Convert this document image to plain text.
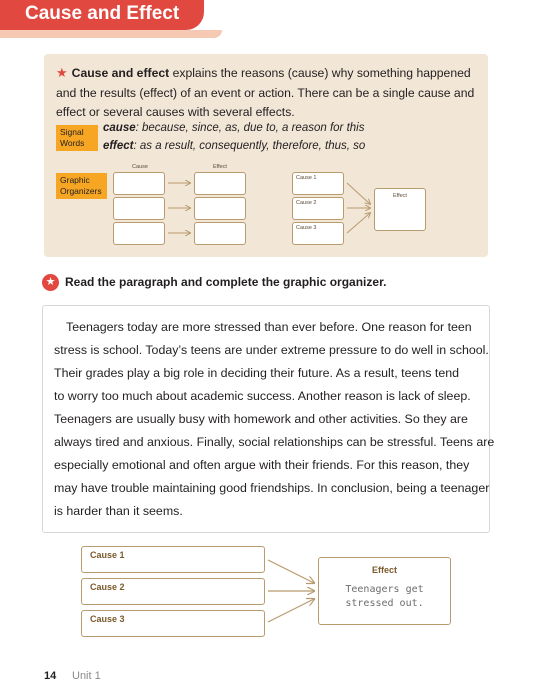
Cause and Effect
★ Cause and effect explains the reasons (cause) why something happened and the results (effect) of an event or action. There can be a single cause and effect or several causes with several effects.
Signal Words
cause: because, since, as, due to, a reason for this
effect: as a result, consequently, therefore, thus, so
Graphic Organizers
Cause	Effect
Cause 1
Cause 2
Cause 3
Effect
★ Read the paragraph and complete the graphic organizer.
Teenagers today are more stressed than ever before. One reason for teen
stress is school. Today’s teens are under extreme pressure to do well in school.
Their grades play a big role in deciding their future. As a result, teens tend
to worry too much about academic success. Another reason is lack of sleep.
Teenagers are usually busy with homework and other activities. So they are
always tired and anxious. Finally, social relationships can be stressful. Teens are
especially emotional and often argue with their friends. For this reason, they
may have trouble maintaining good friendships. In conclusion, being a teenager
is harder than it seems.
Cause 1
Cause 2
Cause 3
Effect
Teenagers get
stressed out.
14 Unit 1
